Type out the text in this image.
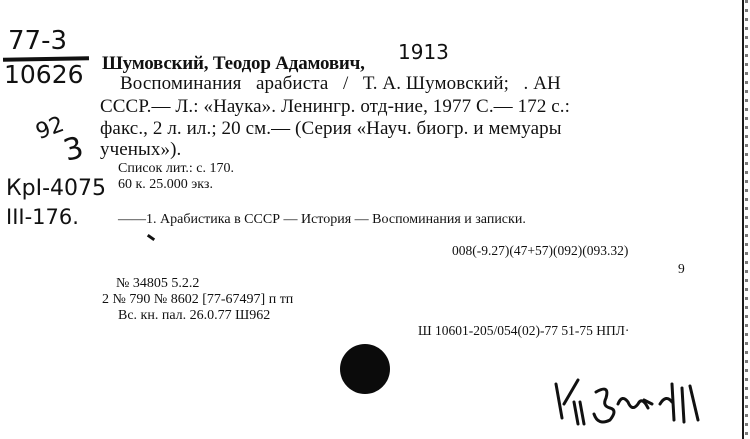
77-3
10626
1913
92
3
КрI-4075
III-176.
Шумовский, Теодор Адамович,
Воспоминания   арабиста   /   Т. А. Шумовский;   . АН
СССР.— Л.: «Наука». Ленингр. отд-ние, 1977 С.— 172 с.:
факс., 2 л. ил.; 20 см.— (Серия «Науч. биогр. и мемуары
ученых»).
Список лит.: с. 170.
60 к. 25.000 экз.
——1. Арабистика в СССР — История — Воспоминания и записки.
008(-9.27)(47+57)(092)(093.32)
9
№ 34805 5.2.2
2 № 790 № 8602 [77-67497] п тп
Вс. кн. пал. 26.0.77 Ш962
Ш 10601-205/054(02)-77 51-75 НПЛ·
